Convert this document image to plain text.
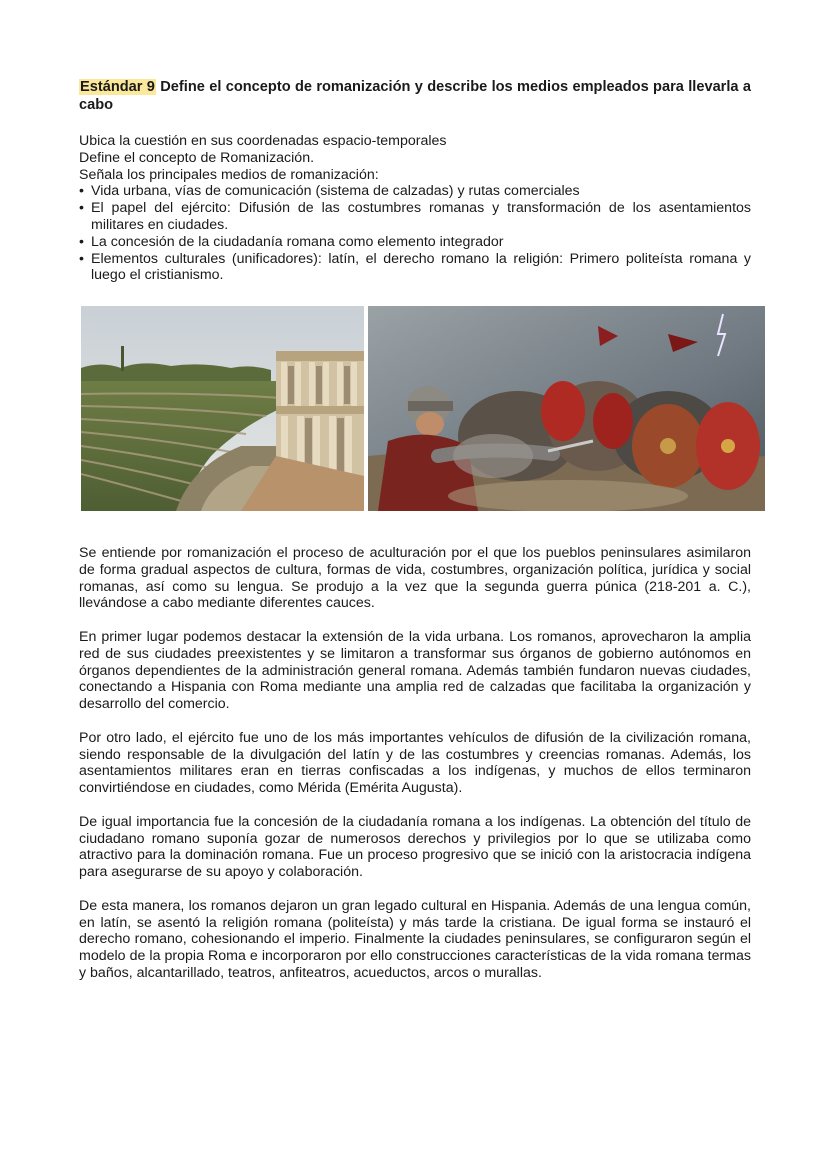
Estándar 9 Define el concepto de romanización y describe los medios empleados para llevarla a cabo

Ubica la cuestión en sus coordenadas espacio-temporales

Define el concepto de Romanización.

Señala los principales medios de romanización:

• Vida urbana, vías de comunicación (sistema de calzadas) y rutas comerciales
• El papel del ejército: Difusión de las costumbres romanas y transformación de los asentamientos militares en ciudades.
• La concesión de la ciudadanía romana como elemento integrador
• Elementos culturales (unificadores): latín, el derecho romano la religión: Primero politeísta romana y luego el cristianismo.

Se entiende por romanización el proceso de aculturación por el que los pueblos peninsulares asimilaron de forma gradual aspectos de cultura, formas de vida, costumbres, organización política, jurídica y social romanas, así como su lengua. Se produjo a la vez que la segunda guerra púnica (218-201 a. C.), llevándose a cabo mediante diferentes cauces.

En primer lugar podemos destacar la extensión de la vida urbana. Los romanos, aprovecharon la amplia red de sus ciudades preexistentes y se limitaron a transformar sus órganos de gobierno autónomos en órganos dependientes de la administración general romana. Además también fundaron nuevas ciudades, conectando a Hispania con Roma mediante una amplia red de calzadas que facilitaba la organización y desarrollo del comercio.

Por otro lado, el ejército fue uno de los más importantes vehículos de difusión de la civilización romana, siendo responsable de la divulgación del latín y de las costumbres y creencias romanas. Además, los asentamientos militares eran en tierras confiscadas a los indígenas, y muchos de ellos terminaron convirtiéndose en ciudades, como Mérida (Emérita Augusta).

De igual importancia fue la concesión de la ciudadanía romana a los indígenas. La obtención del título de ciudadano romano suponía gozar de numerosos derechos y privilegios por lo que se utilizaba como atractivo para la dominación romana. Fue un proceso progresivo que se inició con la aristocracia indígena para asegurarse de su apoyo y colaboración.

De esta manera, los romanos dejaron un gran legado cultural en Hispania. Además de una lengua común, en latín, se asentó la religión romana (politeísta) y más tarde la cristiana. De igual forma se instauró el derecho romano, cohesionando el imperio. Finalmente la ciudades peninsulares, se configuraron según el modelo de la propia Roma e incorporaron por ello construcciones características de la vida romana termas y baños, alcantarillado, teatros, anfiteatros, acueductos, arcos o murallas.
